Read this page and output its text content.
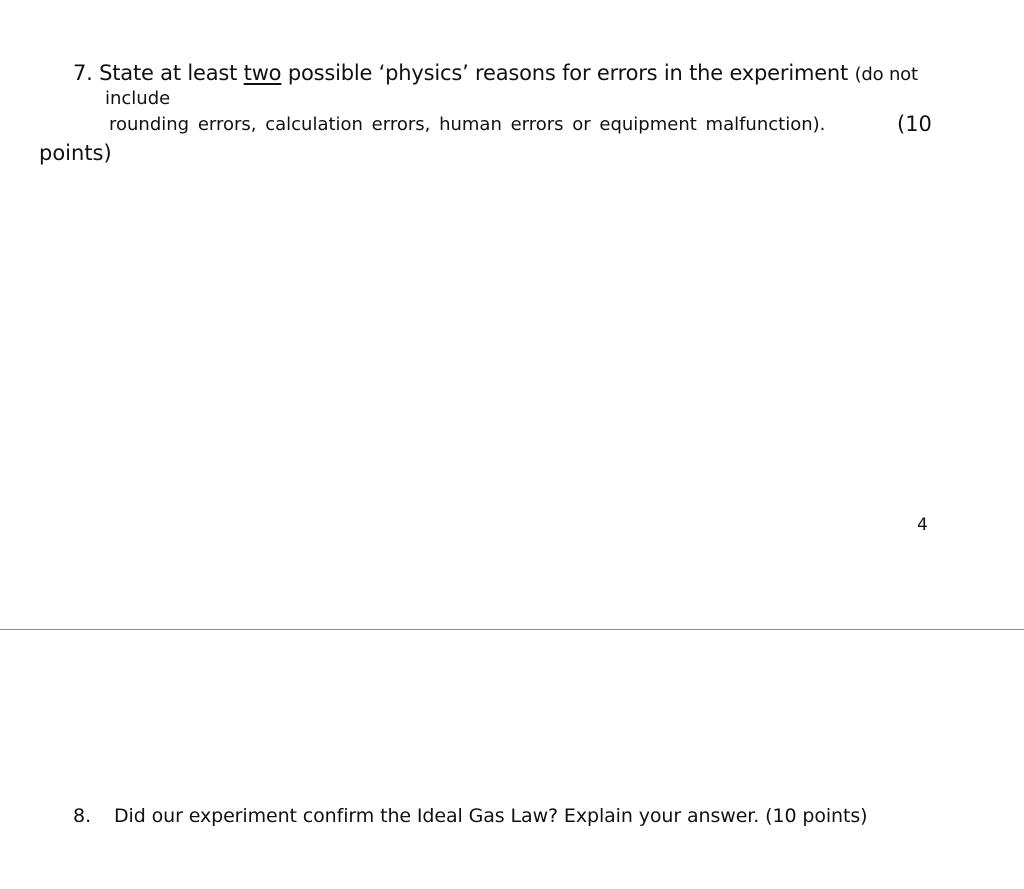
7. State at least two possible ‘physics’ reasons for errors in the experiment (do not
include
rounding errors, calculation errors, human errors or equipment malfunction).	(10
points)
4
8. Did our experiment confirm the Ideal Gas Law? Explain your answer. (10 points)
